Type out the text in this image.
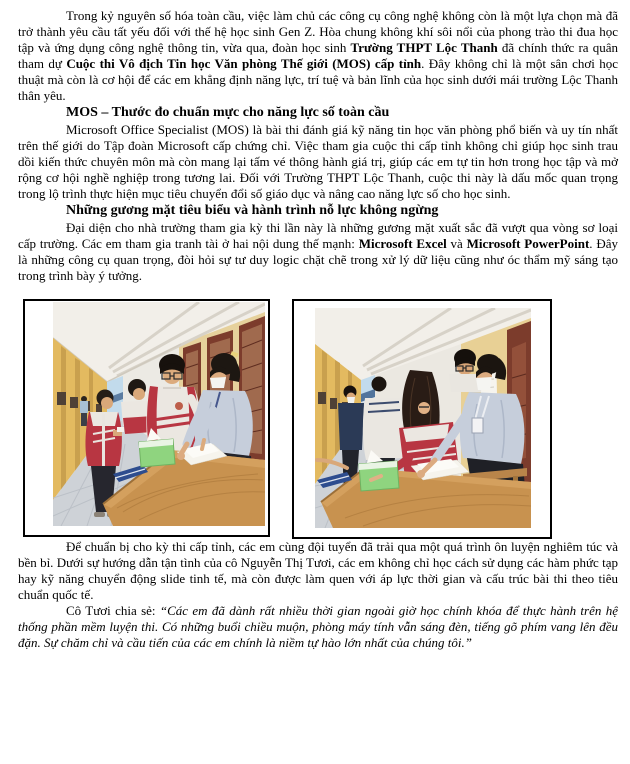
Trong kỷ nguyên số hóa toàn cầu, việc làm chủ các công cụ công nghệ không còn là một lựa chọn mà đã trở thành yêu cầu tất yếu đối với thế hệ học sinh Gen Z. Hòa chung không khí sôi nổi của phong trào thi đua học tập và ứng dụng công nghệ thông tin, vừa qua, đoàn học sinh Trường THPT Lộc Thanh đã chính thức ra quân tham dự Cuộc thi Vô địch Tin học Văn phòng Thế giới (MOS) cấp tỉnh. Đây không chỉ là một sân chơi học thuật mà còn là cơ hội để các em khẳng định năng lực, trí tuệ và bản lĩnh của học sinh dưới mái trường Lộc Thanh thân yêu.

MOS – Thước đo chuẩn mực cho năng lực số toàn cầu

Microsoft Office Specialist (MOS) là bài thi đánh giá kỹ năng tin học văn phòng phổ biến và uy tín nhất trên thế giới do Tập đoàn Microsoft cấp chứng chỉ. Việc tham gia cuộc thi cấp tỉnh không chỉ giúp học sinh trau dồi kiến thức chuyên môn mà còn mang lại tấm vé thông hành giá trị, giúp các em tự tin hơn trong học tập và mở rộng cơ hội nghề nghiệp trong tương lai. Đối với Trường THPT Lộc Thanh, cuộc thi này là dấu mốc quan trọng trong lộ trình thực hiện mục tiêu chuyển đổi số giáo dục và nâng cao năng lực số cho học sinh.

Những gương mặt tiêu biểu và hành trình nỗ lực không ngừng

Đại diện cho nhà trường tham gia kỳ thi lần này là những gương mặt xuất sắc đã vượt qua vòng sơ loại cấp trường. Các em tham gia tranh tài ở hai nội dung thế mạnh: Microsoft Excel và Microsoft PowerPoint. Đây là những công cụ quan trọng, đòi hỏi sự tư duy logic chặt chẽ trong xử lý dữ liệu cũng như óc thẩm mỹ sáng tạo trong trình bày ý tưởng.

Để chuẩn bị cho kỳ thi cấp tỉnh, các em cùng đội tuyển đã trải qua một quá trình ôn luyện nghiêm túc và bền bỉ. Dưới sự hướng dẫn tận tình của cô Nguyễn Thị Tươi, các em không chỉ học cách sử dụng các hàm phức tạp hay kỹ năng chuyển động slide tinh tế, mà còn được làm quen với áp lực thời gian và cấu trúc bài thi theo tiêu chuẩn quốc tế.

Cô Tươi chia sẻ: “Các em đã dành rất nhiều thời gian ngoài giờ học chính khóa để thực hành trên hệ thống phần mềm luyện thi. Có những buổi chiều muộn, phòng máy tính vẫn sáng đèn, tiếng gõ phím vang lên đều đặn. Sự chăm chỉ và cầu tiến của các em chính là niềm tự hào lớn nhất của chúng tôi.”
